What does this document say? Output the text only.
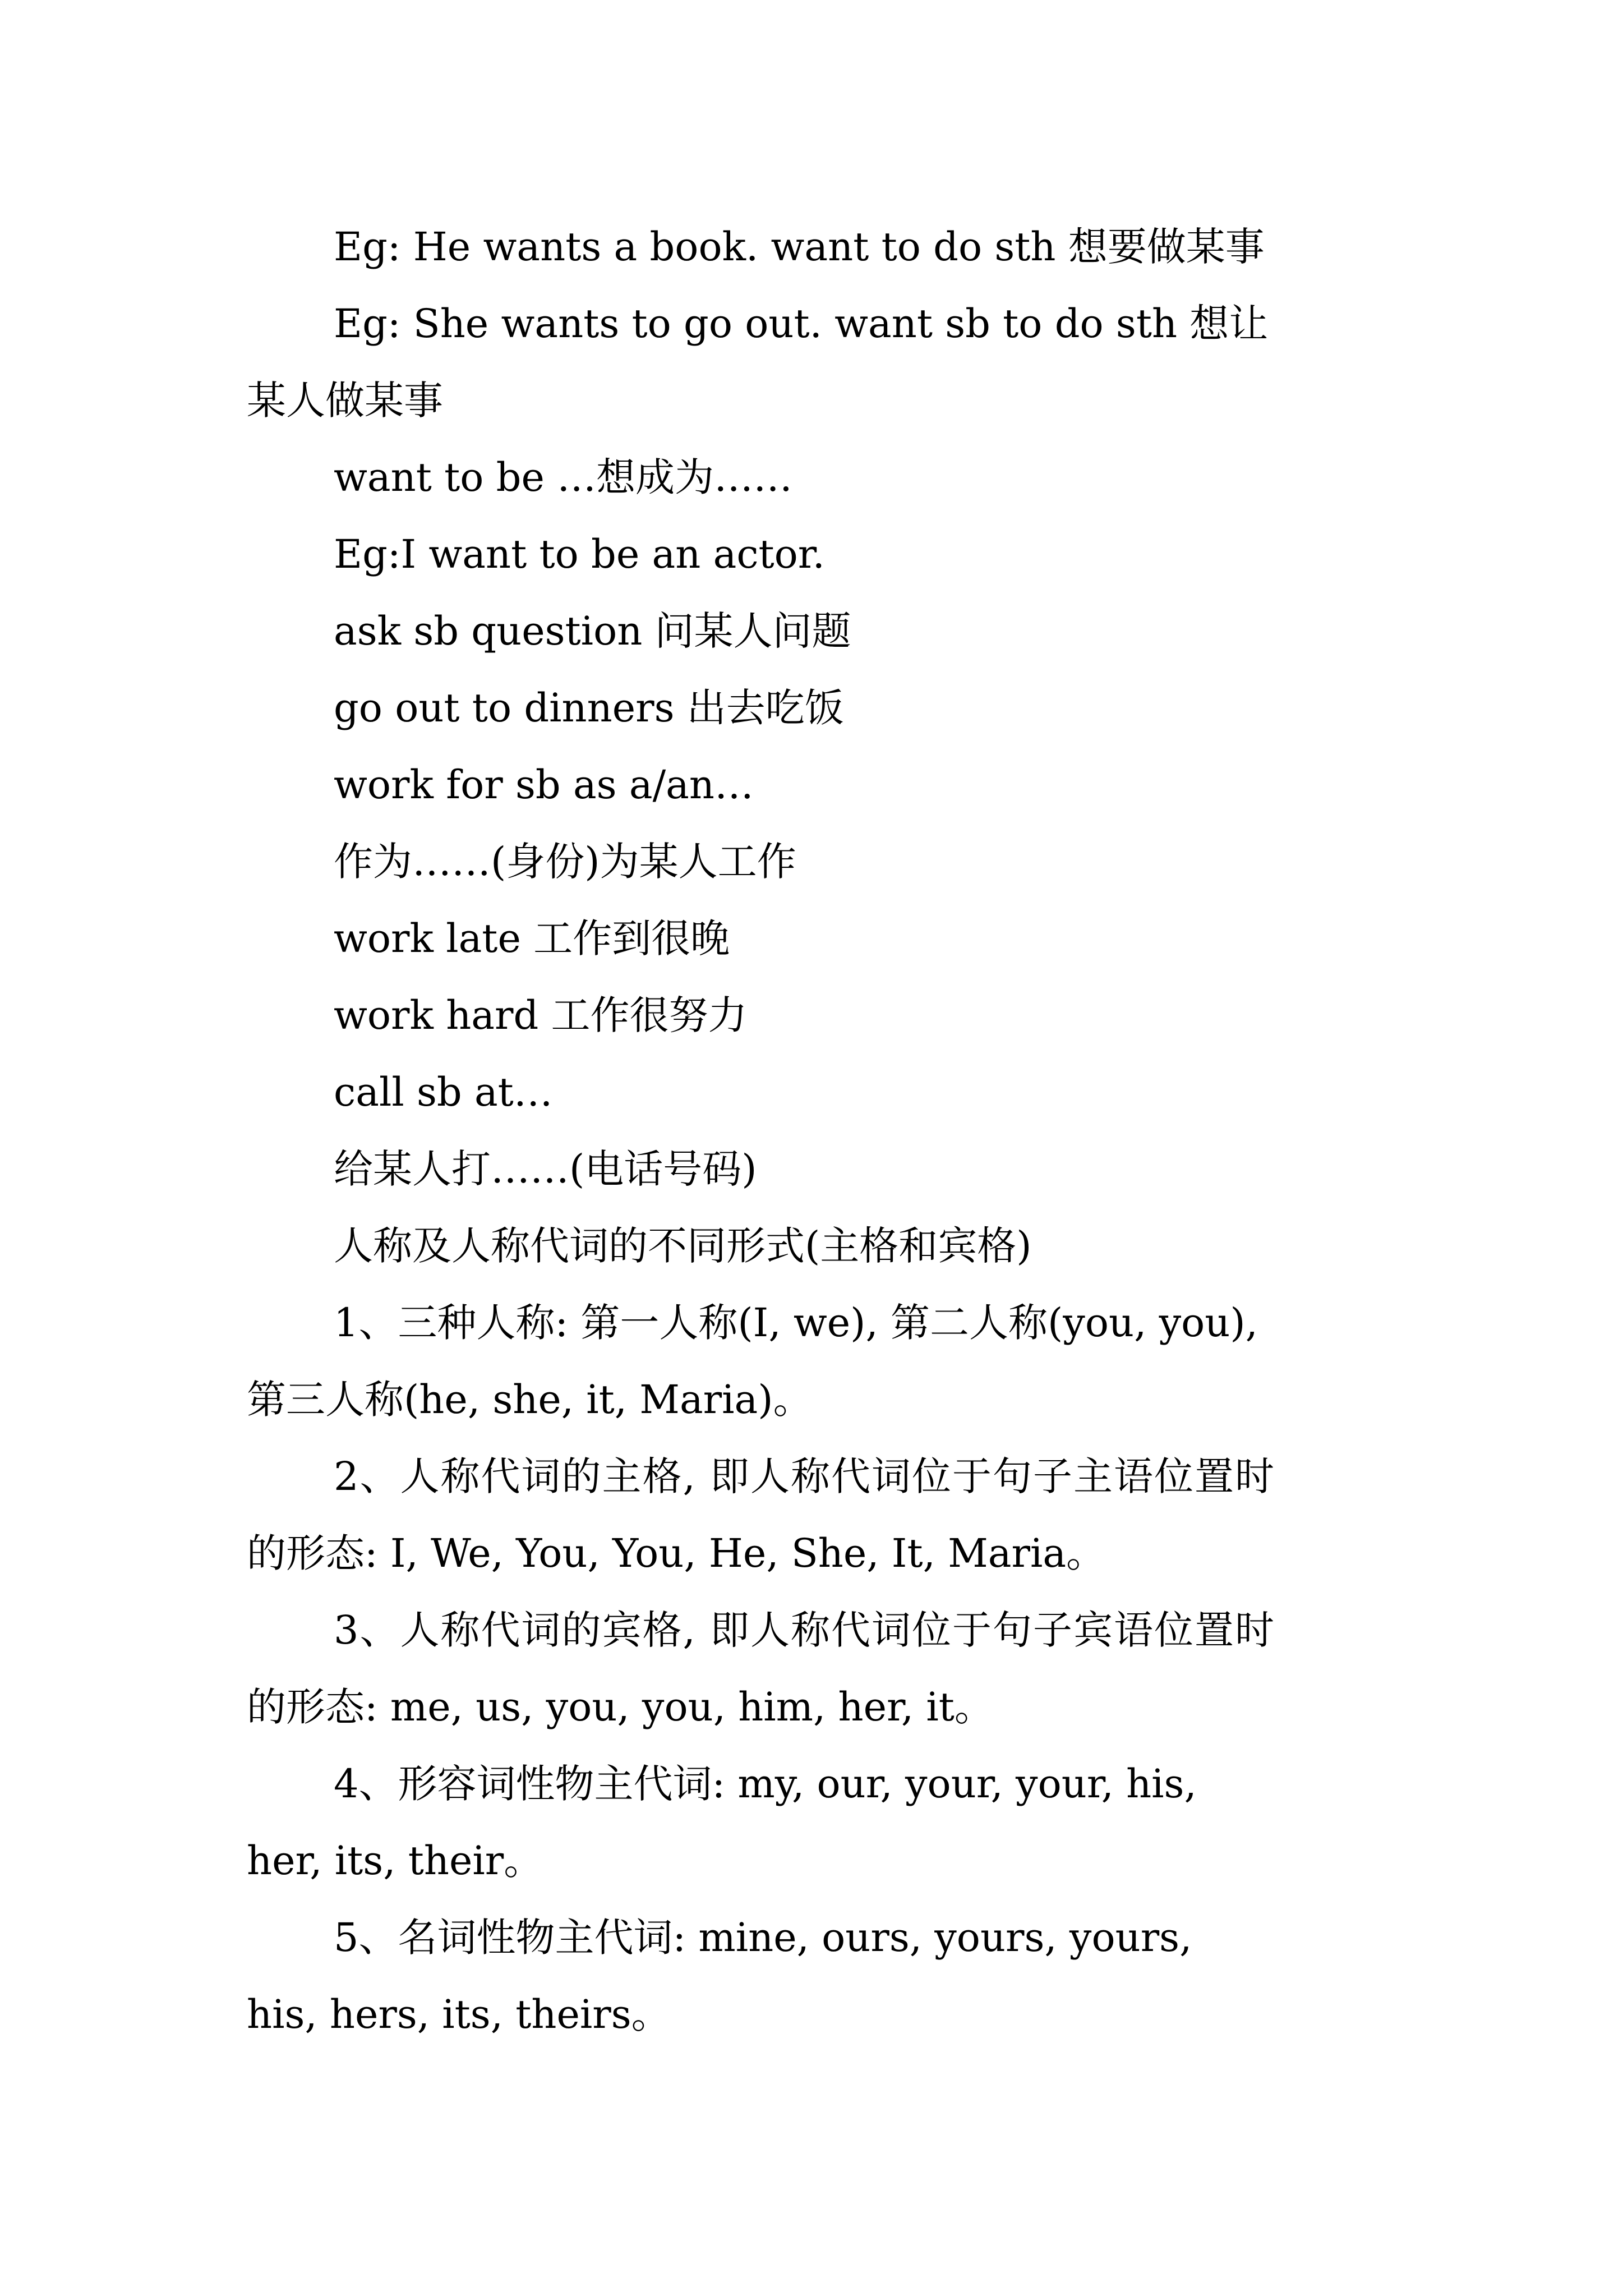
Eg: He wants a book. want to do sth 想要做某事
Eg: She wants to go out. want sb to do sth 想让
某人做某事
want to be …想成为……
Eg:I want to be an actor.
ask sb question 问某人问题
go out to dinners 出去吃饭
work for sb as a/an…
作为……(身份)为某人工作
work late 工作到很晚
work hard 工作很努力
call sb at…
给某人打……(电话号码)
人称及人称代词的不同形式(主格和宾格)
1、三种人称: 第一人称(I, we), 第二人称(you, you),
第三人称(he, she, it, Maria)。
2、人称代词的主格, 即人称代词位于句子主语位置时
的形态: I, We, You, You, He, She, It, Maria。
3、人称代词的宾格, 即人称代词位于句子宾语位置时
的形态: me, us, you, you, him, her, it。
4、形容词性物主代词: my, our, your, your, his,
her, its, their。
5、名词性物主代词: mine, ours, yours, yours,
his, hers, its, theirs。
